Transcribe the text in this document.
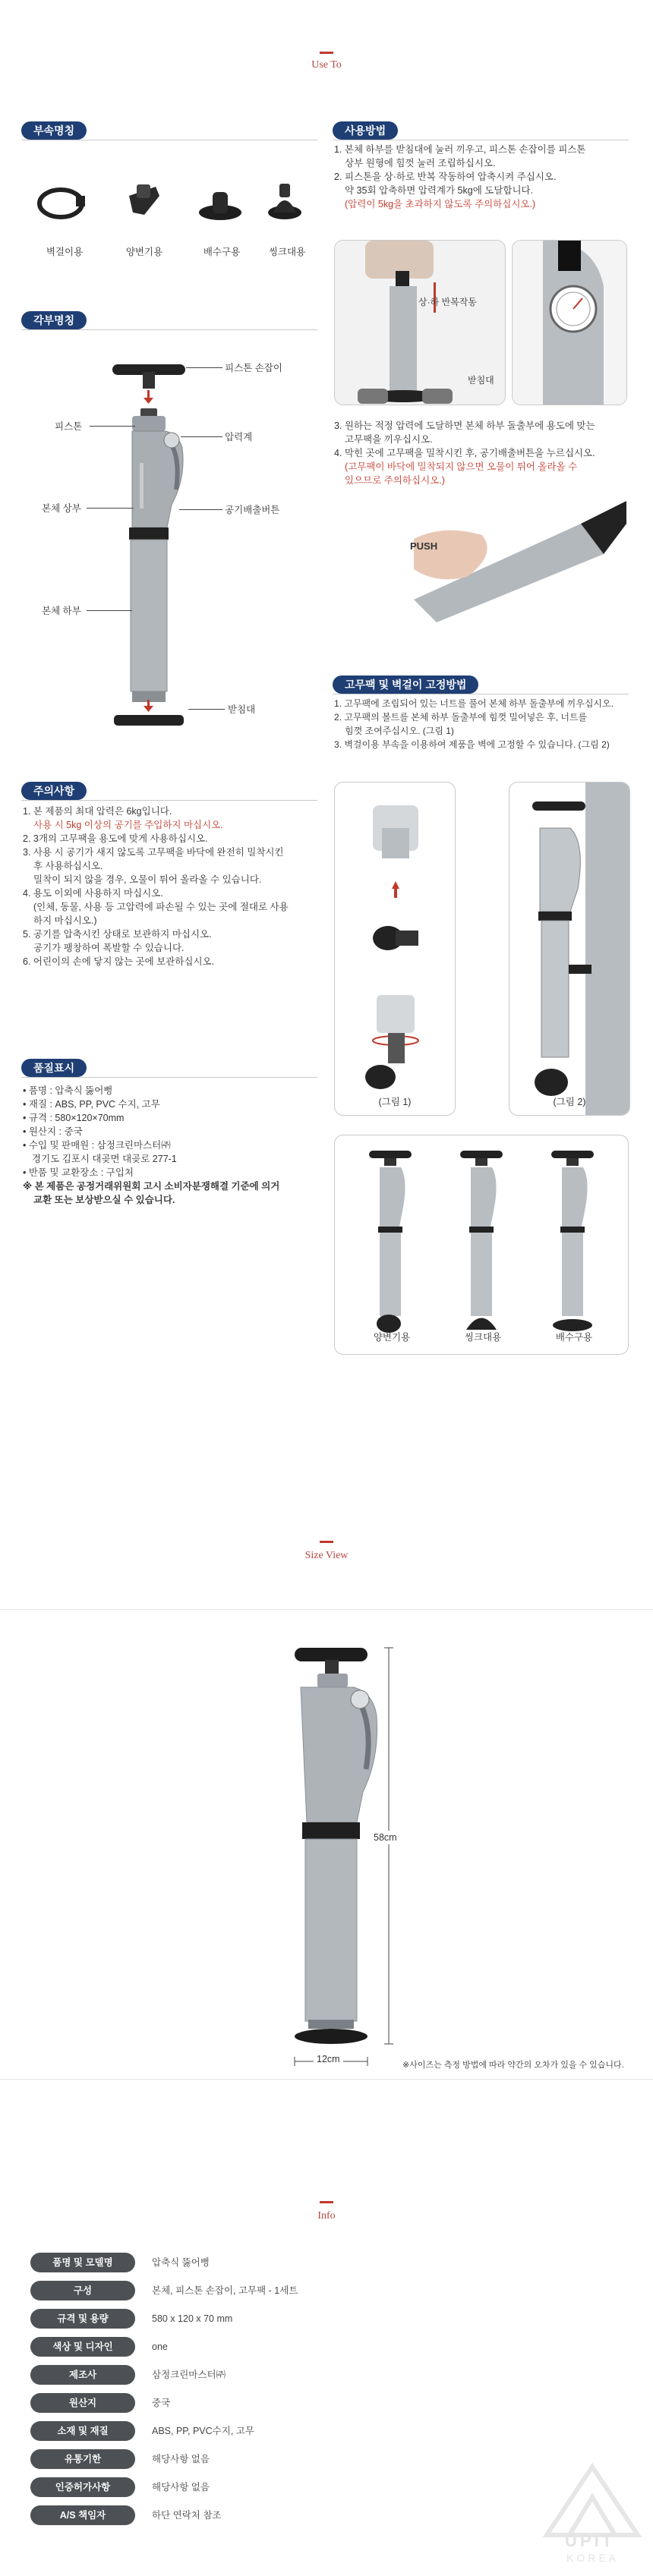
Use To
부속명칭
벽걸이용	양변기용	배수구용	씽크대용
각부명칭
피스톤 손잡이
피스톤
압력계
본체 상부	공기배출버튼
본체 하부
받침대
주의사항
1. 본 제품의 최대 압력은 6kg입니다.
사용 시 5kg 이상의 공기를 주입하지 마십시오.
2. 3개의 고무팩을 용도에 맞게 사용하십시오.
3. 사용 시 공기가 새지 않도록 고무팩을 바닥에 완전히 밀착시킨
후 사용하십시오.
밀착이 되지 않을 경우, 오물이 튀어 올라올 수 있습니다.
4. 용도 이외에 사용하지 마십시오.
(인체, 동물, 사용 등 고압력에 파손될 수 있는 곳에 절대로 사용
하지 마십시오.)
5. 공기를 압축시킨 상태로 보관하지 마십시오.
공기가 팽창하여 폭발할 수 있습니다.
6. 어린이의 손에 닿지 않는 곳에 보관하십시오.
품질표시
• 품명 : 압축식 뚫어뻥
• 재질 : ABS, PP, PVC 수지, 고무
• 규격 : 580×120×70mm
• 원산지 : 중국
• 수입 및 판매원 : 삼정크린마스터㈜
경기도 김포시 대곶면 대곶로 277-1
• 반품 및 교환장소 : 구입처
※ 본 제품은 공정거래위원회 고시 소비자분쟁해결 기준에 의거
교환 또는 보상받으실 수 있습니다.
사용방법
1. 본체 하부를 받침대에 눌러 끼우고, 피스톤 손잡이를 피스톤
상부 원형에 힘껏 눌러 조립하십시오.
2. 피스톤을 상·하로 반복 작동하여 압축시켜 주십시오.
약 35회 압축하면 압력계가 5kg에 도달합니다.
(압력이 5kg을 초과하지 않도록 주의하십시오.)
상·하 반복작동
받침대
3. 원하는 적정 압력에 도달하면 본체 하부 돌출부에 용도에 맞는
고무팩을 끼우십시오.
4. 막힌 곳에 고무팩을 밀착시킨 후, 공기배출버튼을 누르십시오.
(고무팩이 바닥에 밀착되지 않으면 오물이 튀어 올라올 수
있으므로 주의하십시오.)
PUSH
고무팩 및 벽걸이 고정방법
1. 고무팩에 조립되어 있는 너트를 풀어 본체 하부 돌출부에 끼우십시오.
2. 고무팩의 볼트를 본체 하부 돌출부에 힘껏 밀어넣은 후, 너트를
힘껏 조여주십시오. (그림 1)
3. 벽걸이용 부속을 이용하여 제품을 벽에 고정할 수 있습니다. (그림 2)
(그림 1)	(그림 2)
양변기용	씽크대용	배수구용
Size View
58cm
12cm
※사이즈는 측정 방법에 따라 약간의 오차가 있을 수 있습니다.
Info
UPIT
KOREA
품명 및 모델명	압축식 뚫어뻥
구성	본체, 피스톤 손잡이, 고무팩 - 1세트
규격 및 용량	580 x 120 x 70 mm
색상 및 디자인	one
제조사	삼정크린마스터㈜
원산지	중국
소재 및 재질	ABS, PP, PVC수지, 고무
유통기한	해당사항 없음
인증허가사항	해당사항 없음
A/S 책임자	하단 연락처 참조
